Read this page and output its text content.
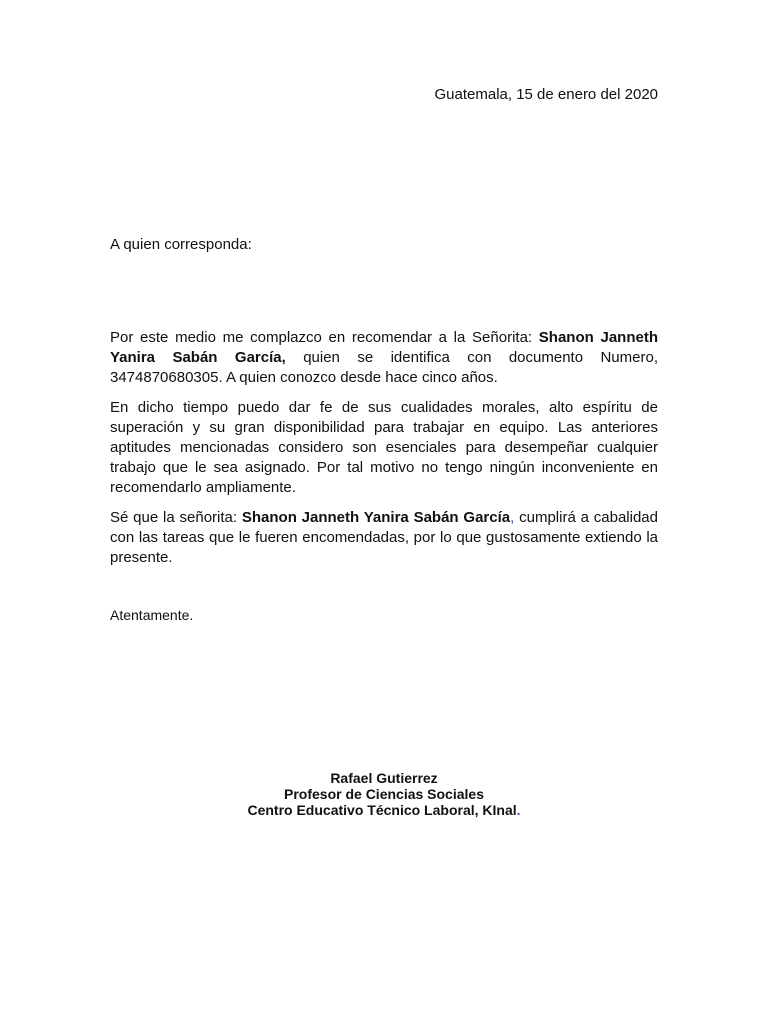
Guatemala, 15 de enero del 2020
A quien corresponda:
Por este medio me complazco en recomendar a la Señorita: Shanon Janneth Yanira Sabán García, quien se identifica con documento Numero, 3474870680305. A quien conozco desde hace cinco años.
En dicho tiempo puedo dar fe de sus cualidades morales, alto espíritu de superación y su gran disponibilidad para trabajar en equipo. Las anteriores aptitudes mencionadas considero son esenciales para desempeñar cualquier trabajo que le sea asignado. Por tal motivo no tengo ningún inconveniente en recomendarlo ampliamente.
Sé que la señorita: Shanon Janneth Yanira Sabán García, cumplirá a cabalidad con las tareas que le fueren encomendadas, por lo que gustosamente extiendo la presente.
Atentamente.
Rafael Gutierrez
Profesor de Ciencias Sociales
Centro Educativo Técnico Laboral, KInal.
